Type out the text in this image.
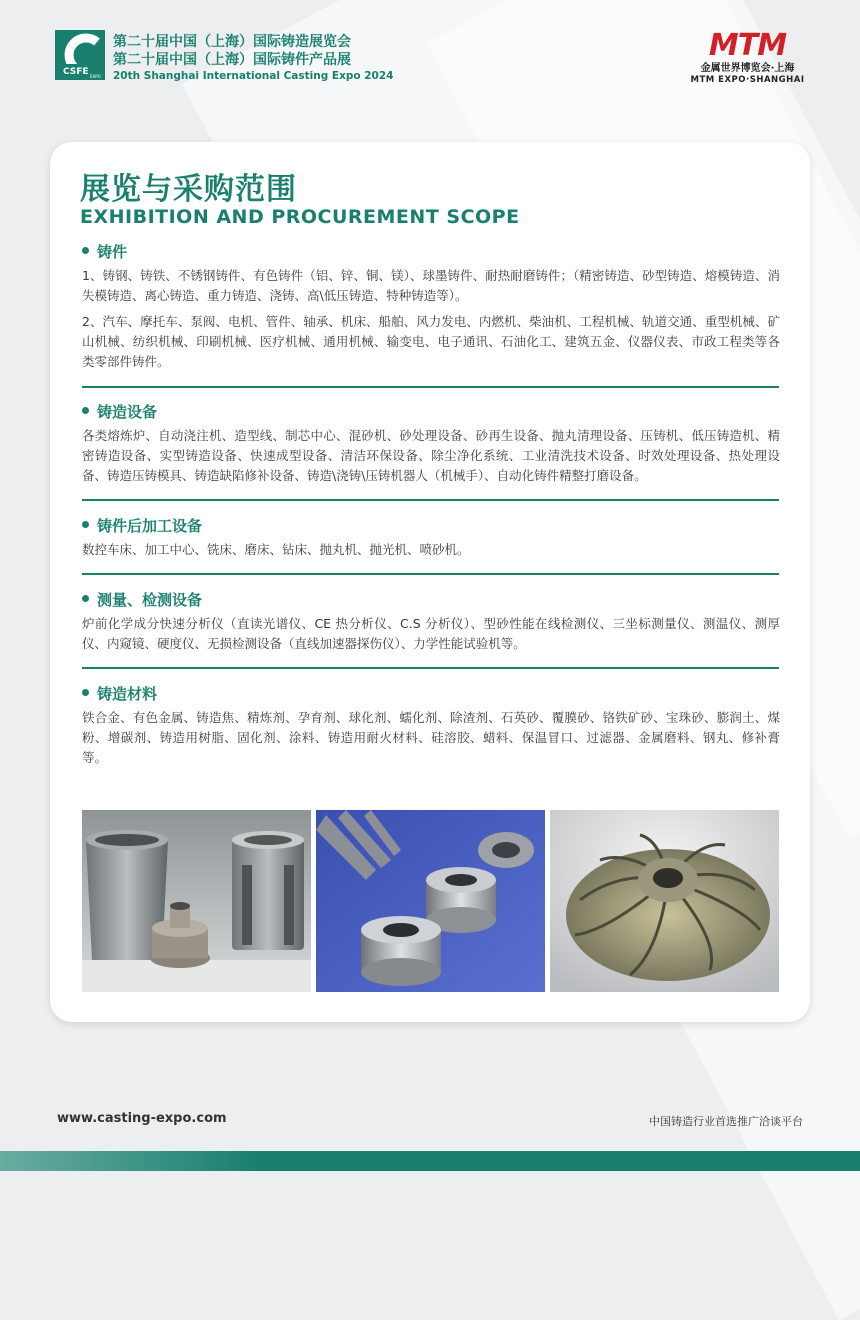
CSFE EXPO
第二十届中国（上海）国际铸造展览会
第二十届中国（上海）国际铸件产品展
20th Shanghai International Casting Expo 2024
MTM
金属世界博览会·上海
MTM EXPO·SHANGHAI
展览与采购范围
EXHIBITION AND PROCUREMENT SCOPE
铸件

1、铸钢、铸铁、不锈钢铸件、有色铸件（铝、锌、铜、镁）、球墨铸件、耐热耐磨铸件；（精密铸造、砂型铸造、熔模铸造、消失模铸造、离心铸造、重力铸造、浇铸、高\低压铸造、特种铸造等）。

2、汽车、摩托车、泵阀、电机、管件、轴承、机床、船舶、风力发电、内燃机、柴油机、工程机械、轨道交通、重型机械、矿山机械、纺织机械、印刷机械、医疗机械、通用机械、输变电、电子通讯、石油化工、建筑五金、仪器仪表、市政工程类等各类零部件铸件。

铸造设备

各类熔炼炉、自动浇注机、造型线、制芯中心、混砂机、砂处理设备、砂再生设备、抛丸清理设备、压铸机、低压铸造机、精密铸造设备、实型铸造设备、快速成型设备、清洁环保设备、除尘净化系统、工业清洗技术设备、时效处理设备、热处理设备、铸造压铸模具、铸造缺陷修补设备、铸造\浇铸\压铸机器人（机械手）、自动化铸件精整打磨设备。

铸件后加工设备

数控车床、加工中心、铣床、磨床、钻床、抛丸机、抛光机、喷砂机。

测量、检测设备

炉前化学成分快速分析仪（直读光谱仪、CE 热分析仪、C.S 分析仪）、型砂性能在线检测仪、三坐标测量仪、测温仪、测厚仪、内窥镜、硬度仪、无损检测设备（直线加速器探伤仪）、力学性能试验机等。

铸造材料

铁合金、有色金属、铸造焦、精炼剂、孕育剂、球化剂、蠕化剂、除渣剂、石英砂、覆膜砂、铬铁矿砂、宝珠砂、膨润土、煤粉、增碳剂、铸造用树脂、固化剂、涂料、铸造用耐火材料、硅溶胶、蜡料、保温冒口、过滤器、金属磨料、钢丸、修补膏等。

www.casting-expo.com	中国铸造行业首选推广洽谈平台
